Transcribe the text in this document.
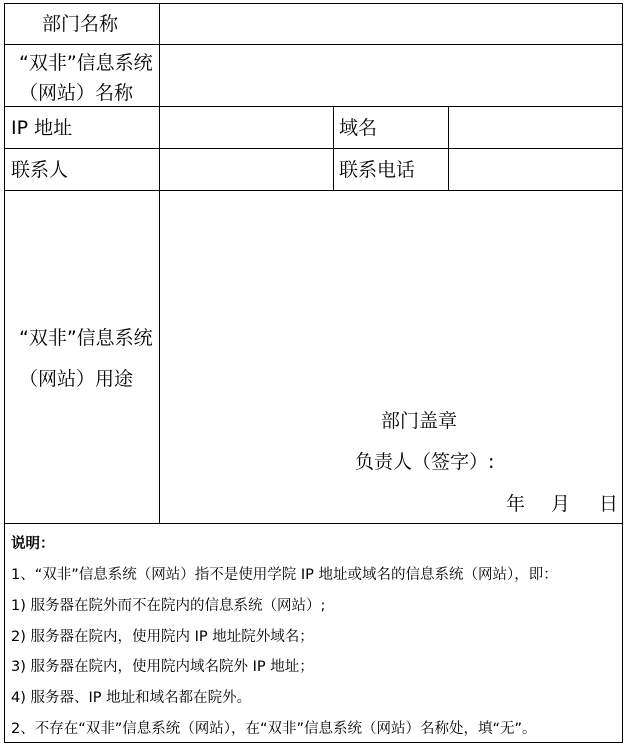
部门名称
“双非”信息系统
（网站）名称
IP 地址	域名
联系人	联系电话
“双非”信息系统
（网站）用途
部门盖章
负责人（签字）:
年 月 日
说明：
1、“双非”信息系统（网站）指不是使用学院 IP 地址或域名的信息系统（网站），即：
1) 服务器在院外而不在院内的信息系统（网站）;
2) 服务器在院内，使用院内 IP 地址院外域名；
3) 服务器在院内，使用院内域名院外 IP 地址；
4) 服务器、IP 地址和域名都在院外。
2、不存在“双非”信息系统（网站），在“双非”信息系统（网站）名称处，填“无”。
